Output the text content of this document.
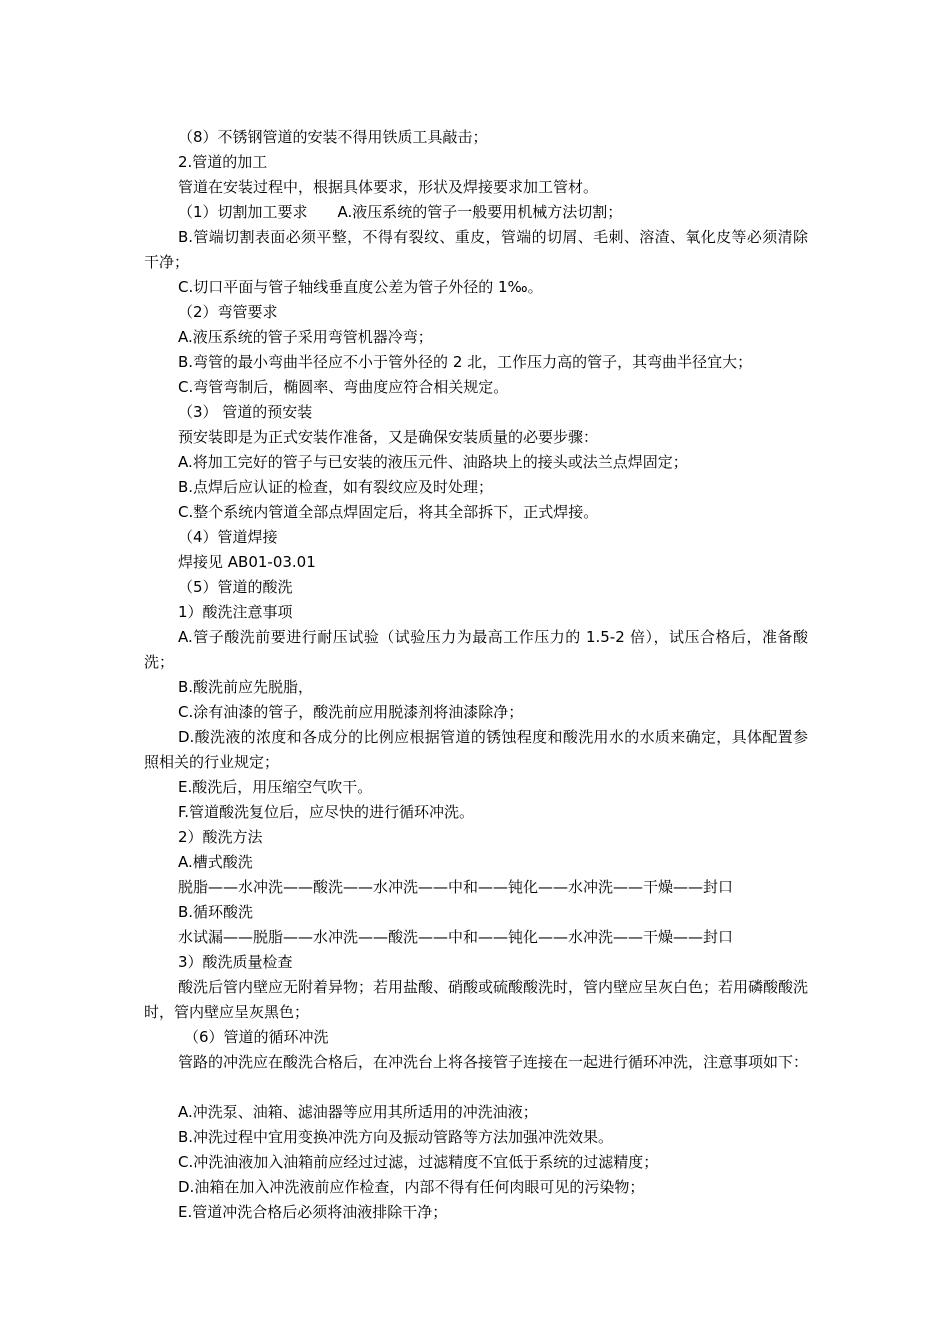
（8）不锈钢管道的安装不得用铁质工具敲击；

2.管道的加工

管道在安装过程中，根据具体要求，形状及焊接要求加工管材。

（1）切割加工要求　　A.液压系统的管子一般要用机械方法切割；

B.管端切割表面必须平整，不得有裂纹、重皮，管端的切屑、毛刺、溶渣、氧化皮等必须清除干净；

C.切口平面与管子轴线垂直度公差为管子外径的 1‰。

（2）弯管要求

A.液压系统的管子采用弯管机器冷弯；

B.弯管的最小弯曲半径应不小于管外径的 2 北，工作压力高的管子，其弯曲半径宜大；

C.弯管弯制后，椭圆率、弯曲度应符合相关规定。

（3） 管道的预安装

预安装即是为正式安装作准备，又是确保安装质量的必要步骤：

A.将加工完好的管子与已安装的液压元件、油路块上的接头或法兰点焊固定；

B.点焊后应认证的检查，如有裂纹应及时处理；

C.整个系统内管道全部点焊固定后，将其全部拆下，正式焊接。

（4）管道焊接

焊接见 AB01-03.01

（5）管道的酸洗

1）酸洗注意事项

A.管子酸洗前要进行耐压试验（试验压力为最高工作压力的 1.5-2 倍），试压合格后，准备酸洗；

B.酸洗前应先脱脂，

C.涂有油漆的管子，酸洗前应用脱漆剂将油漆除净；

D.酸洗液的浓度和各成分的比例应根据管道的锈蚀程度和酸洗用水的水质来确定，具体配置参照相关的行业规定；

E.酸洗后，用压缩空气吹干。

F.管道酸洗复位后，应尽快的进行循环冲洗。

2）酸洗方法

A.槽式酸洗

脱脂——水冲洗——酸洗——水冲洗——中和——钝化——水冲洗——干燥——封口

B.循环酸洗

水试漏——脱脂——水冲洗——酸洗——中和——钝化——水冲洗——干燥——封口

3）酸洗质量检查

酸洗后管内壁应无附着异物；若用盐酸、硝酸或硫酸酸洗时，管内壁应呈灰白色；若用磷酸酸洗时，管内壁应呈灰黑色；

（6）管道的循环冲洗

管路的冲洗应在酸洗合格后，在冲洗台上将各接管子连接在一起进行循环冲洗，注意事项如下：

A.冲洗泵、油箱、滤油器等应用其所适用的冲洗油液；

B.冲洗过程中宜用变换冲洗方向及振动管路等方法加强冲洗效果。

C.冲洗油液加入油箱前应经过过滤，过滤精度不宜低于系统的过滤精度；

D.油箱在加入冲洗液前应作检查，内部不得有任何肉眼可见的污染物；

E.管道冲洗合格后必须将油液排除干净；
